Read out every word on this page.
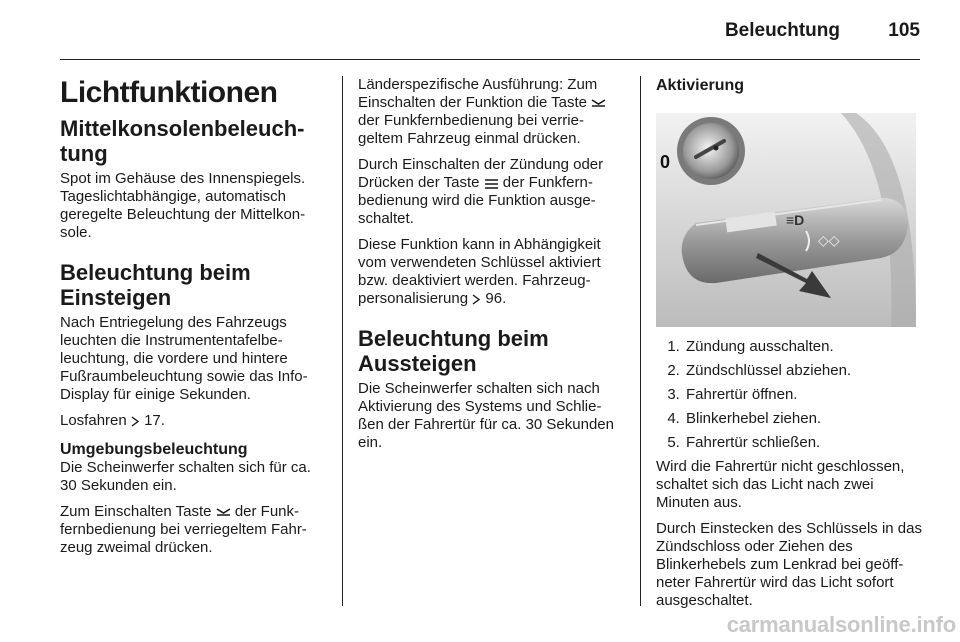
Beleuchtung	105
Lichtfunktionen
Mittelkonsolenbeleuch-tung
Spot im Gehäuse des Innenspiegels. Tageslichtabhängige, automatisch geregelte Beleuchtung der Mittelkon-sole.
Beleuchtung beim Einsteigen
Nach Entriegelung des Fahrzeugs leuchten die Instrumententafelbe-leuchtung, die vordere und hintere Fußraumbeleuchtung sowie das Info-Display für einige Sekunden.
Losfahren 17.
Umgebungsbeleuchtung
Die Scheinwerfer schalten sich für ca. 30 Sekunden ein.
Zum Einschalten Taste der Funk-fernbedienung bei verriegeltem Fahr-zeug zweimal drücken.
Länderspezifische Ausführung: Zum Einschalten der Funktion die Taste  der Funkfernbedienung bei verrie-geltem Fahrzeug einmal drücken.
Durch Einschalten der Zündung oder Drücken der Taste der Funkfern-bedienung wird die Funktion ausge-schaltet.
Diese Funktion kann in Abhängigkeit vom verwendeten Schlüssel aktiviert bzw. deaktiviert werden. Fahrzeug-personalisierung 96.
Beleuchtung beim Aussteigen
Die Scheinwerfer schalten sich nach Aktivierung des Systems und Schlie-ßen der Fahrertür für ca. 30 Sekunden ein.
Aktivierung
0
≡D
◇◇
1. Zündung ausschalten.
2. Zündschlüssel abziehen.
3. Fahrertür öffnen.
4. Blinkerhebel ziehen.
5. Fahrertür schließen.
Wird die Fahrertür nicht geschlossen, schaltet sich das Licht nach zwei Minuten aus.
Durch Einstecken des Schlüssels in das Zündschloss oder Ziehen des Blinkerhebels zum Lenkrad bei geöff-neter Fahrertür wird das Licht sofort ausgeschaltet.
carmanualsonline.info
